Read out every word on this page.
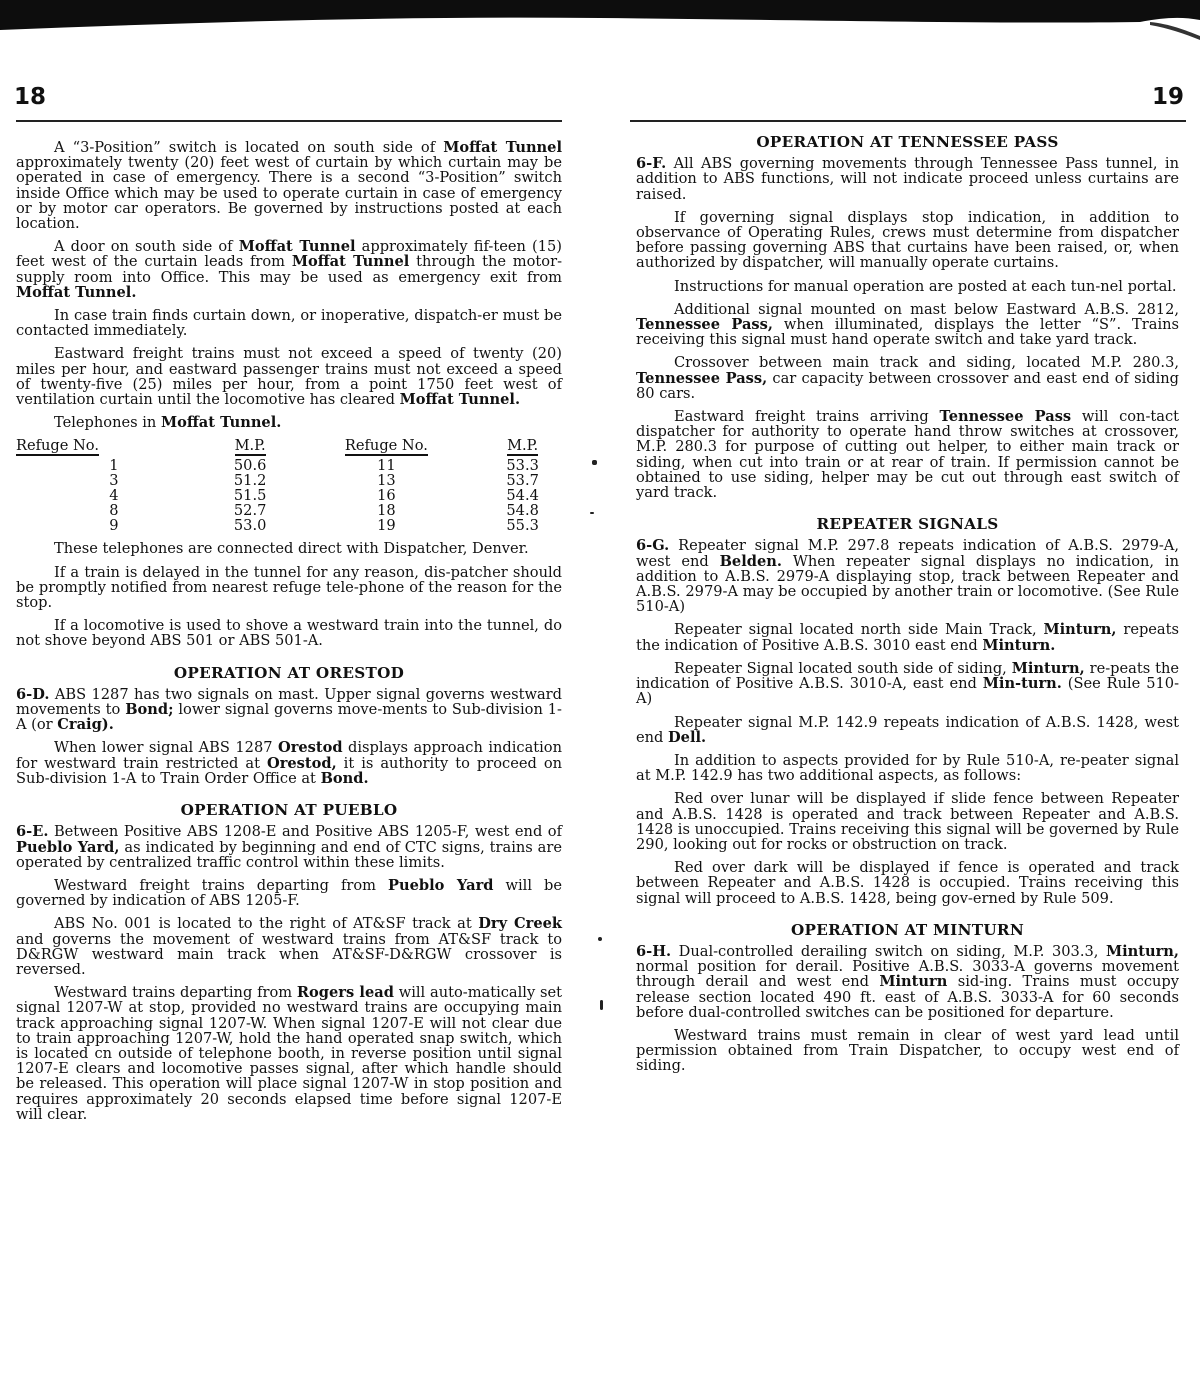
18	19

A “3-Position” switch is located on south side of Moffat Tunnel approximately twenty (20) feet west of curtain by which curtain may be operated in case of emergency. There is a second “3-Position” switch inside Office which may be used to operate curtain in case of emergency or by motor car operators. Be governed by instructions posted at each location.

A door on south side of Moffat Tunnel approximately fif-teen (15) feet west of the curtain leads from Moffat Tunnel through the motor-supply room into Office. This may be used as emergency exit from Moffat Tunnel.

In case train finds curtain down, or inoperative, dispatch-er must be contacted immediately.

Eastward freight trains must not exceed a speed of twenty (20) miles per hour, and eastward passenger trains must not exceed a speed of twenty-five (25) miles per hour, from a point 1750 feet west of ventilation curtain until the locomotive has cleared Moffat Tunnel.

Telephones in Moffat Tunnel.

Refuge No.	M.P.	Refuge No.	M.P.
1	50.6	11	53.3
3	51.2	13	53.7
4	51.5	16	54.4
8	52.7	18	54.8
9	53.0	19	55.3

These telephones are connected direct with Dispatcher, Denver.

If a train is delayed in the tunnel for any reason, dis-patcher should be promptly notified from nearest refuge tele-phone of the reason for the stop.

If a locomotive is used to shove a westward train into the tunnel, do not shove beyond ABS 501 or ABS 501-A.

OPERATION AT ORESTOD

6-D. ABS 1287 has two signals on mast. Upper signal governs westward movements to Bond; lower signal governs move-ments to Sub-division 1-A (or Craig).

When lower signal ABS 1287 Orestod displays approach indication for westward train restricted at Orestod, it is authority to proceed on Sub-division 1-A to Train Order Office at Bond.

OPERATION AT PUEBLO

6-E. Between Positive ABS 1208-E and Positive ABS 1205-F, west end of Pueblo Yard, as indicated by beginning and end of CTC signs, trains are operated by centralized traffic control within these limits.

Westward freight trains departing from Pueblo Yard will be governed by indication of ABS 1205-F.

ABS No. 001 is located to the right of AT&SF track at Dry Creek and governs the movement of westward trains from AT&SF track to D&RGW westward main track when AT&SF-D&RGW crossover is reversed.

Westward trains departing from Rogers lead will auto-matically set signal 1207-W at stop, provided no westward trains are occupying main track approaching signal 1207-W. When signal 1207-E will not clear due to train approaching 1207-W, hold the hand operated snap switch, which is located cn outside of telephone booth, in reverse position until signal 1207-E clears and locomotive passes signal, after which handle should be released. This operation will place signal 1207-W in stop position and requires approximately 20 seconds elapsed time before signal 1207-E will clear.

OPERATION AT TENNESSEE PASS

6-F. All ABS governing movements through Tennessee Pass tunnel, in addition to ABS functions, will not indicate proceed unless curtains are raised.

If governing signal displays stop indication, in addition to observance of Operating Rules, crews must determine from dispatcher before passing governing ABS that curtains have been raised, or, when authorized by dispatcher, will manually operate curtains.

Instructions for manual operation are posted at each tun-nel portal.

Additional signal mounted on mast below Eastward A.B.S. 2812, Tennessee Pass, when illuminated, displays the letter “S”. Trains receiving this signal must hand operate switch and take yard track.

Crossover between main track and siding, located M.P. 280.3, Tennessee Pass, car capacity between crossover and east end of siding 80 cars.

Eastward freight trains arriving Tennessee Pass will con-tact dispatcher for authority to operate hand throw switches at crossover, M.P. 280.3 for purpose of cutting out helper, to either main track or siding, when cut into train or at rear of train. If permission cannot be obtained to use siding, helper may be cut out through east switch of yard track.

REPEATER SIGNALS

6-G. Repeater signal M.P. 297.8 repeats indication of A.B.S. 2979-A, west end Belden. When repeater signal displays no indication, in addition to A.B.S. 2979-A displaying stop, track between Repeater and A.B.S. 2979-A may be occupied by another train or locomotive. (See Rule 510-A)

Repeater signal located north side Main Track, Minturn, repeats the indication of Positive A.B.S. 3010 east end Minturn.

Repeater Signal located south side of siding, Minturn, re-peats the indication of Positive A.B.S. 3010-A, east end Min-turn. (See Rule 510-A)

Repeater signal M.P. 142.9 repeats indication of A.B.S. 1428, west end Dell.

In addition to aspects provided for by Rule 510-A, re-peater signal at M.P. 142.9 has two additional aspects, as follows:

Red over lunar will be displayed if slide fence between Repeater and A.B.S. 1428 is operated and track between Repeater and A.B.S. 1428 is unoccupied. Trains receiving this signal will be governed by Rule 290, looking out for rocks or obstruction on track.

Red over dark will be displayed if fence is operated and track between Repeater and A.B.S. 1428 is occupied. Trains receiving this signal will proceed to A.B.S. 1428, being gov-erned by Rule 509.

OPERATION AT MINTURN

6-H. Dual-controlled derailing switch on siding, M.P. 303.3, Minturn, normal position for derail. Positive A.B.S. 3033-A governs movement through derail and west end Minturn sid-ing. Trains must occupy release section located 490 ft. east of A.B.S. 3033-A for 60 seconds before dual-controlled switches can be positioned for departure.

Westward trains must remain in clear of west yard lead until permission obtained from Train Dispatcher, to occupy west end of siding.
